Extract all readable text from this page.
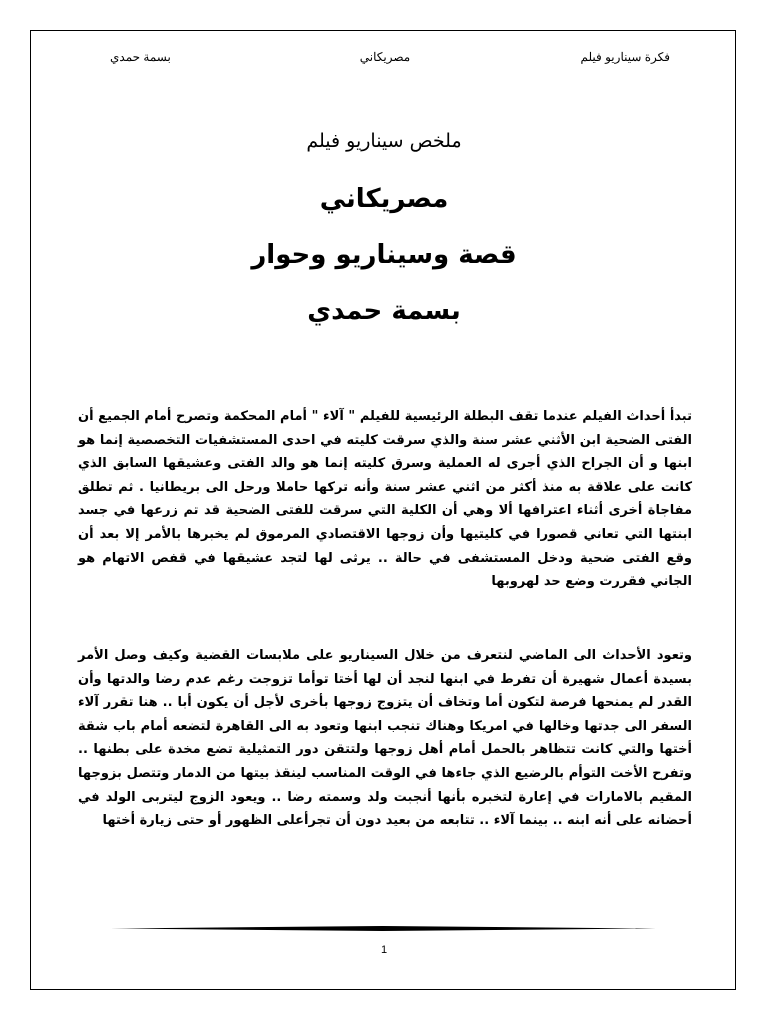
فكرة سيناريو فيلم
مصريكاني
بسمة حمدي
ملخص سيناريو فيلم
مصريكاني
قصة وسيناريو وحوار
بسمة حمدي
تبدأ أحداث الفيلم عندما تقف البطلة الرئيسية للفيلم " آلاء " أمام المحكمة وتصرح أمام الجميع أن الفتى الضحية ابن الأثني عشر سنة والذي سرقت كليته في احدى المستشفيات التخصصية إنما هو ابنها و أن الجراح الذي أجرى له العملية وسرق كليته إنما هو والد الفتى وعشيقها السابق الذي كانت على علاقة به منذ أكثر من اثني عشر سنة وأنه تركها حاملا ورحل الى بريطانيا . ثم تطلق مفاجاة أخرى أثناء اعترافها ألا وهي أن الكلية التي سرقت للفتى الضحية قد تم زرعها في جسد ابنتها التي تعاني قصورا في كليتيها وأن زوجها الاقتصادي المرموق لم يخبرها بالأمر إلا بعد أن وقع الفتى ضحية ودخل المستشفى في حالة .. يرثى لها لتجد عشيقها في قفص الاتهام هو الجاني فقررت وضع حد لهروبها
وتعود الأحداث الى الماضي لنتعرف من خلال السيناريو على ملابسات القضية وكيف وصل الأمر بسيدة أعمال شهيرة أن تفرط في ابنها لنجد أن لها أختا توأما تزوجت رغم عدم رضا والدتها وأن القدر لم يمنحها فرصة لتكون أما وتخاف أن يتزوج زوجها بأخرى لأجل أن يكون أبا .. هنا تقرر آلاء السفر الى جدتها وخالها في امريكا وهناك تنجب ابنها وتعود به الى القاهرة لتضعه أمام باب شقة أختها والتي كانت تتظاهر بالحمل أمام أهل زوجها ولتتقن دور التمثيلية تضع مخدة على بطنها .. وتفرح الأخت التوأم بالرضيع الذي جاءها في الوقت المناسب لينقذ بيتها من الدمار وتتصل بزوجها المقيم بالامارات في إعارة لتخبره بأنها أنجبت ولد وسمته رضا .. ويعود الزوج ليتربى الولد في أحضانه على أنه ابنه .. بينما آلاء .. تتابعه من بعيد دون أن تجرأعلى الظهور أو حتى زيارة أختها
1
